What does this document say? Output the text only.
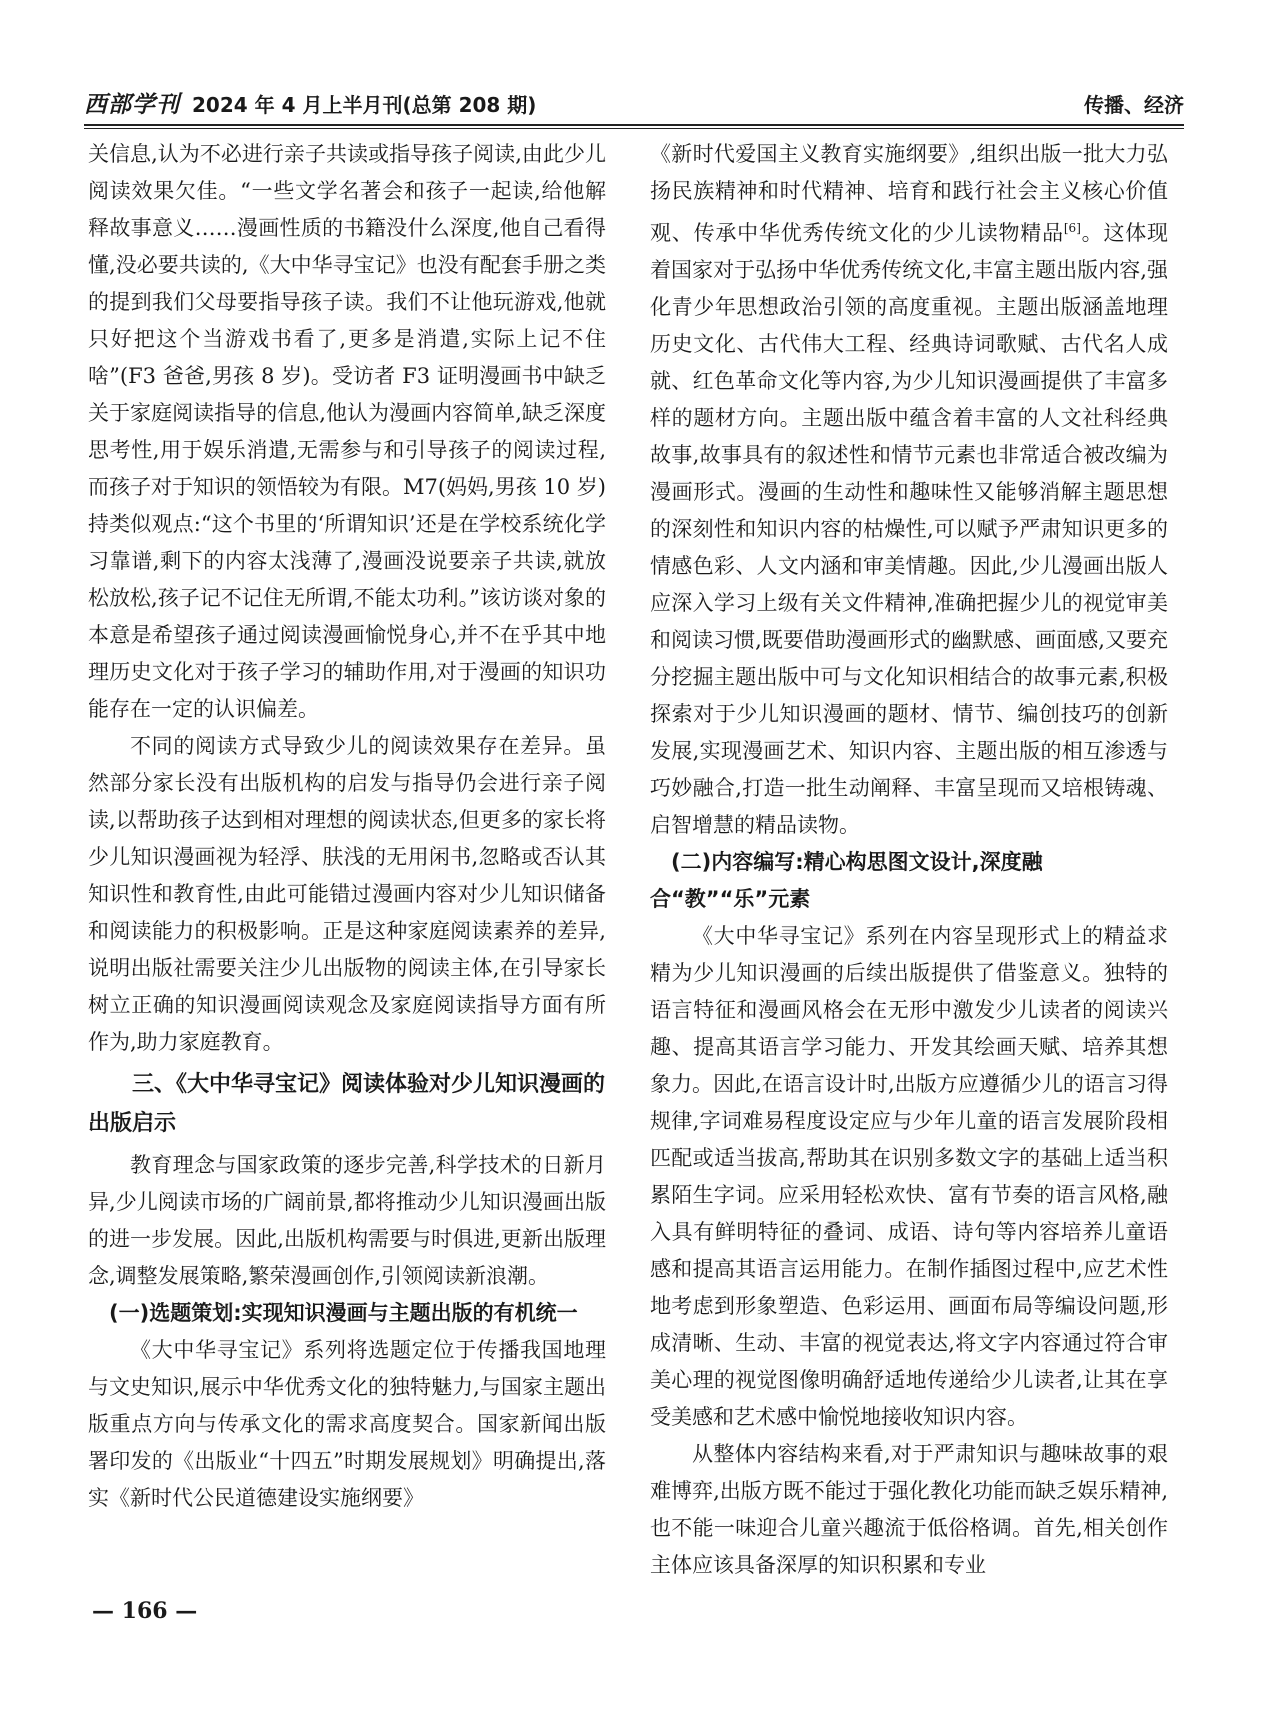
西部学刊 2024 年 4 月上半月刊(总第 208 期)	传播、经济

关信息,认为不必进行亲子共读或指导孩子阅读,由此少儿阅读效果欠佳。“一些文学名著会和孩子一起读,给他解释故事意义……漫画性质的书籍没什么深度,他自己看得懂,没必要共读的,《大中华寻宝记》也没有配套手册之类的提到我们父母要指导孩子读。我们不让他玩游戏,他就只好把这个当游戏书看了,更多是消遣,实际上记不住啥”(F3 爸爸,男孩 8 岁)。受访者 F3 证明漫画书中缺乏关于家庭阅读指导的信息,他认为漫画内容简单,缺乏深度思考性,用于娱乐消遣,无需参与和引导孩子的阅读过程,而孩子对于知识的领悟较为有限。M7(妈妈,男孩 10 岁)持类似观点:“这个书里的‘所谓知识’还是在学校系统化学习靠谱,剩下的内容太浅薄了,漫画没说要亲子共读,就放松放松,孩子记不记住无所谓,不能太功利。”该访谈对象的本意是希望孩子通过阅读漫画愉悦身心,并不在乎其中地理历史文化对于孩子学习的辅助作用,对于漫画的知识功能存在一定的认识偏差。

不同的阅读方式导致少儿的阅读效果存在差异。虽然部分家长没有出版机构的启发与指导仍会进行亲子阅读,以帮助孩子达到相对理想的阅读状态,但更多的家长将少儿知识漫画视为轻浮、肤浅的无用闲书,忽略或否认其知识性和教育性,由此可能错过漫画内容对少儿知识储备和阅读能力的积极影响。正是这种家庭阅读素养的差异,说明出版社需要关注少儿出版物的阅读主体,在引导家长树立正确的知识漫画阅读观念及家庭阅读指导方面有所作为,助力家庭教育。

三、《大中华寻宝记》阅读体验对少儿知识漫画的出版启示

教育理念与国家政策的逐步完善,科学技术的日新月异,少儿阅读市场的广阔前景,都将推动少儿知识漫画出版的进一步发展。因此,出版机构需要与时俱进,更新出版理念,调整发展策略,繁荣漫画创作,引领阅读新浪潮。

(一)选题策划:实现知识漫画与主题出版的有机统一

《大中华寻宝记》系列将选题定位于传播我国地理与文史知识,展示中华优秀文化的独特魅力,与国家主题出版重点方向与传承文化的需求高度契合。国家新闻出版署印发的《出版业“十四五”时期发展规划》明确提出,落实《新时代公民道德建设实施纲要》

《新时代爱国主义教育实施纲要》,组织出版一批大力弘扬民族精神和时代精神、培育和践行社会主义核心价值观、传承中华优秀传统文化的少儿读物精品[6]。这体现着国家对于弘扬中华优秀传统文化,丰富主题出版内容,强化青少年思想政治引领的高度重视。主题出版涵盖地理历史文化、古代伟大工程、经典诗词歌赋、古代名人成就、红色革命文化等内容,为少儿知识漫画提供了丰富多样的题材方向。主题出版中蕴含着丰富的人文社科经典故事,故事具有的叙述性和情节元素也非常适合被改编为漫画形式。漫画的生动性和趣味性又能够消解主题思想的深刻性和知识内容的枯燥性,可以赋予严肃知识更多的情感色彩、人文内涵和审美情趣。因此,少儿漫画出版人应深入学习上级有关文件精神,准确把握少儿的视觉审美和阅读习惯,既要借助漫画形式的幽默感、画面感,又要充分挖掘主题出版中可与文化知识相结合的故事元素,积极探索对于少儿知识漫画的题材、情节、编创技巧的创新发展,实现漫画艺术、知识内容、主题出版的相互渗透与巧妙融合,打造一批生动阐释、丰富呈现而又培根铸魂、启智增慧的精品读物。

(二)内容编写:精心构思图文设计,深度融合“教”“乐”元素

《大中华寻宝记》系列在内容呈现形式上的精益求精为少儿知识漫画的后续出版提供了借鉴意义。独特的语言特征和漫画风格会在无形中激发少儿读者的阅读兴趣、提高其语言学习能力、开发其绘画天赋、培养其想象力。因此,在语言设计时,出版方应遵循少儿的语言习得规律,字词难易程度设定应与少年儿童的语言发展阶段相匹配或适当拔高,帮助其在识别多数文字的基础上适当积累陌生字词。应采用轻松欢快、富有节奏的语言风格,融入具有鲜明特征的叠词、成语、诗句等内容培养儿童语感和提高其语言运用能力。在制作插图过程中,应艺术性地考虑到形象塑造、色彩运用、画面布局等编设问题,形成清晰、生动、丰富的视觉表达,将文字内容通过符合审美心理的视觉图像明确舒适地传递给少儿读者,让其在享受美感和艺术感中愉悦地接收知识内容。

从整体内容结构来看,对于严肃知识与趣味故事的艰难博弈,出版方既不能过于强化教化功能而缺乏娱乐精神,也不能一味迎合儿童兴趣流于低俗格调。首先,相关创作主体应该具备深厚的知识积累和专业

— 166 —
